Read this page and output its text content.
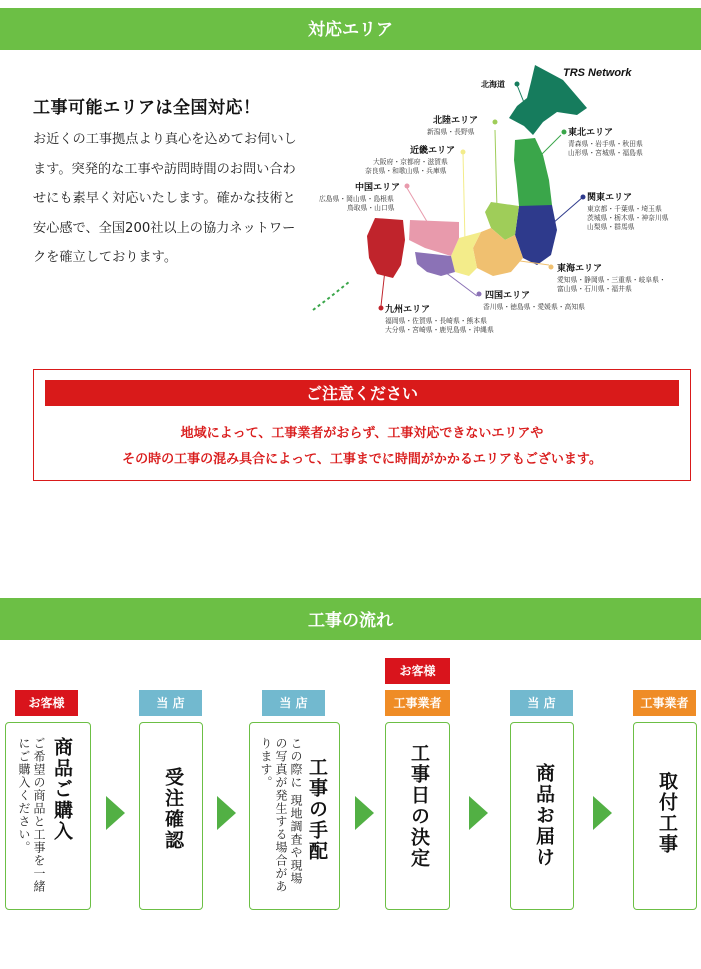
対応エリア
工事可能エリアは全国対応！
お近くの工事拠点より真心を込めてお伺いします。突発的な工事や訪問時間のお問い合わせにも素早く対応いたします。確かな技術と安心感で、全国200社以上の協力ネットワークを確立しております。
TRS Network
北海道
東北エリア
青森県・岩手県・秋田県
山形県・宮城県・福島県
関東エリア
東京都・千葉県・埼玉県
茨城県・栃木県・神奈川県
山梨県・群馬県
東海エリア
愛知県・静岡県・三重県・岐阜県・
富山県・石川県・福井県
北陸エリア
新潟県・長野県
近畿エリア
大阪府・京都府・滋賀県
奈良県・和歌山県・兵庫県
中国エリア
広島県・岡山県・島根県
鳥取県・山口県
四国エリア
香川県・徳島県・愛媛県・高知県
九州エリア
福岡県・佐賀県・長崎県・熊本県
大分県・宮崎県・鹿児島県・沖縄県
ご注意ください
地域によって、工事業者がおらず、工事対応できないエリアや
その時の工事の混み具合によって、工事までに時間がかかるエリアもございます。
工事の流れ
お客様
お客様	当 店	当 店	工事業者	当 店	工事業者
商品ご購入
ご希望の商品と工事を一緒にご購入ください。	受注確認	工事の手配
この際に 現地調査や現場の写真が発生する場合があります。	工事日の決定	商品お届け	取付工事
